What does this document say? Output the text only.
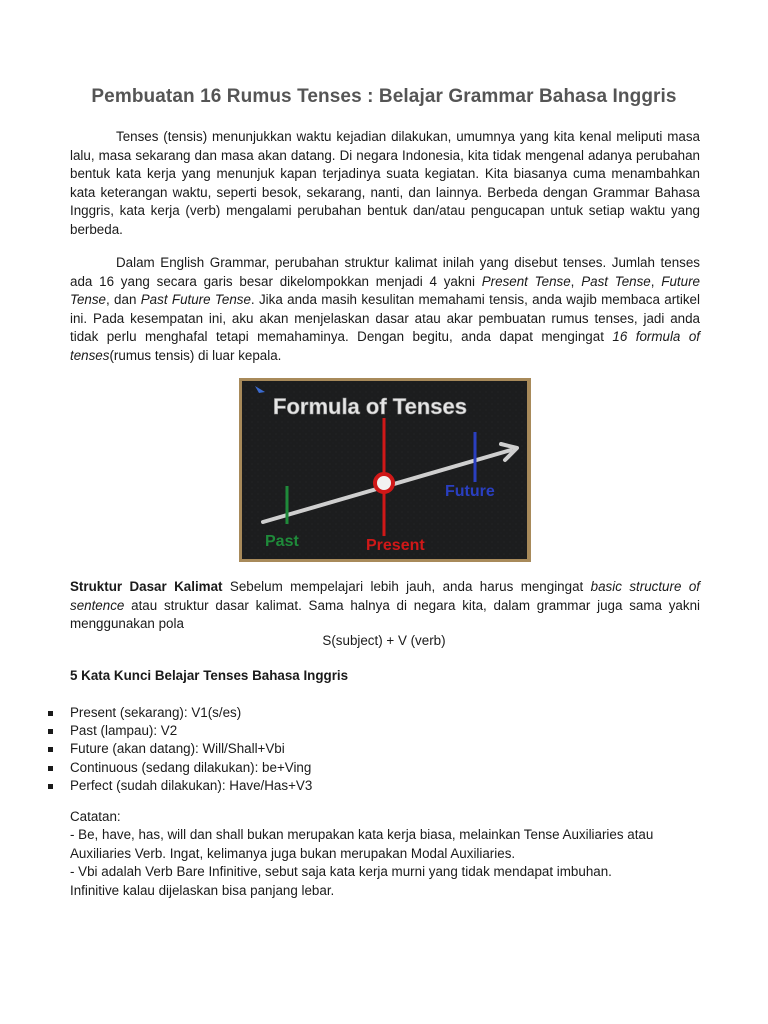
Pembuatan 16 Rumus Tenses : Belajar Grammar Bahasa Inggris
Tenses (tensis) menunjukkan waktu kejadian dilakukan, umumnya yang kita kenal meliputi masa lalu, masa sekarang dan masa akan datang. Di negara Indonesia, kita tidak mengenal adanya perubahan bentuk kata kerja yang menunjuk kapan terjadinya suata kegiatan. Kita biasanya cuma menambahkan kata keterangan waktu, seperti besok, sekarang, nanti, dan lainnya. Berbeda dengan Grammar Bahasa Inggris, kata kerja (verb) mengalami perubahan bentuk dan/atau pengucapan untuk setiap waktu yang berbeda.
Dalam English Grammar, perubahan struktur kalimat inilah yang disebut tenses. Jumlah tenses ada 16 yang secara garis besar dikelompokkan menjadi 4 yakni Present Tense, Past Tense, Future Tense, dan Past Future Tense. Jika anda masih kesulitan memahami tensis, anda wajib membaca artikel ini. Pada kesempatan ini, aku akan menjelaskan dasar atau akar pembuatan rumus tenses, jadi anda tidak perlu menghafal tetapi memahaminya. Dengan begitu, anda dapat mengingat 16 formula of tenses(rumus tensis) di luar kepala.
Formula of Tenses
Past	Present
Future
Struktur Dasar Kalimat Sebelum mempelajari lebih jauh, anda harus mengingat basic structure of sentence atau struktur dasar kalimat. Sama halnya di negara kita, dalam grammar juga sama yakni menggunakan pola
S(subject) + V (verb)
5 Kata Kunci Belajar Tenses Bahasa Inggris
Present (sekarang): V1(s/es)
Past (lampau): V2
Future (akan datang): Will/Shall+Vbi
Continuous (sedang dilakukan): be+Ving
Perfect (sudah dilakukan): Have/Has+V3
Catatan:
- Be, have, has, will dan shall bukan merupakan kata kerja biasa, melainkan Tense Auxiliaries atau
Auxiliaries Verb. Ingat, kelimanya juga bukan merupakan Modal Auxiliaries.
- Vbi adalah Verb Bare Infinitive, sebut saja kata kerja murni yang tidak mendapat imbuhan.
Infinitive kalau dijelaskan bisa panjang lebar.
